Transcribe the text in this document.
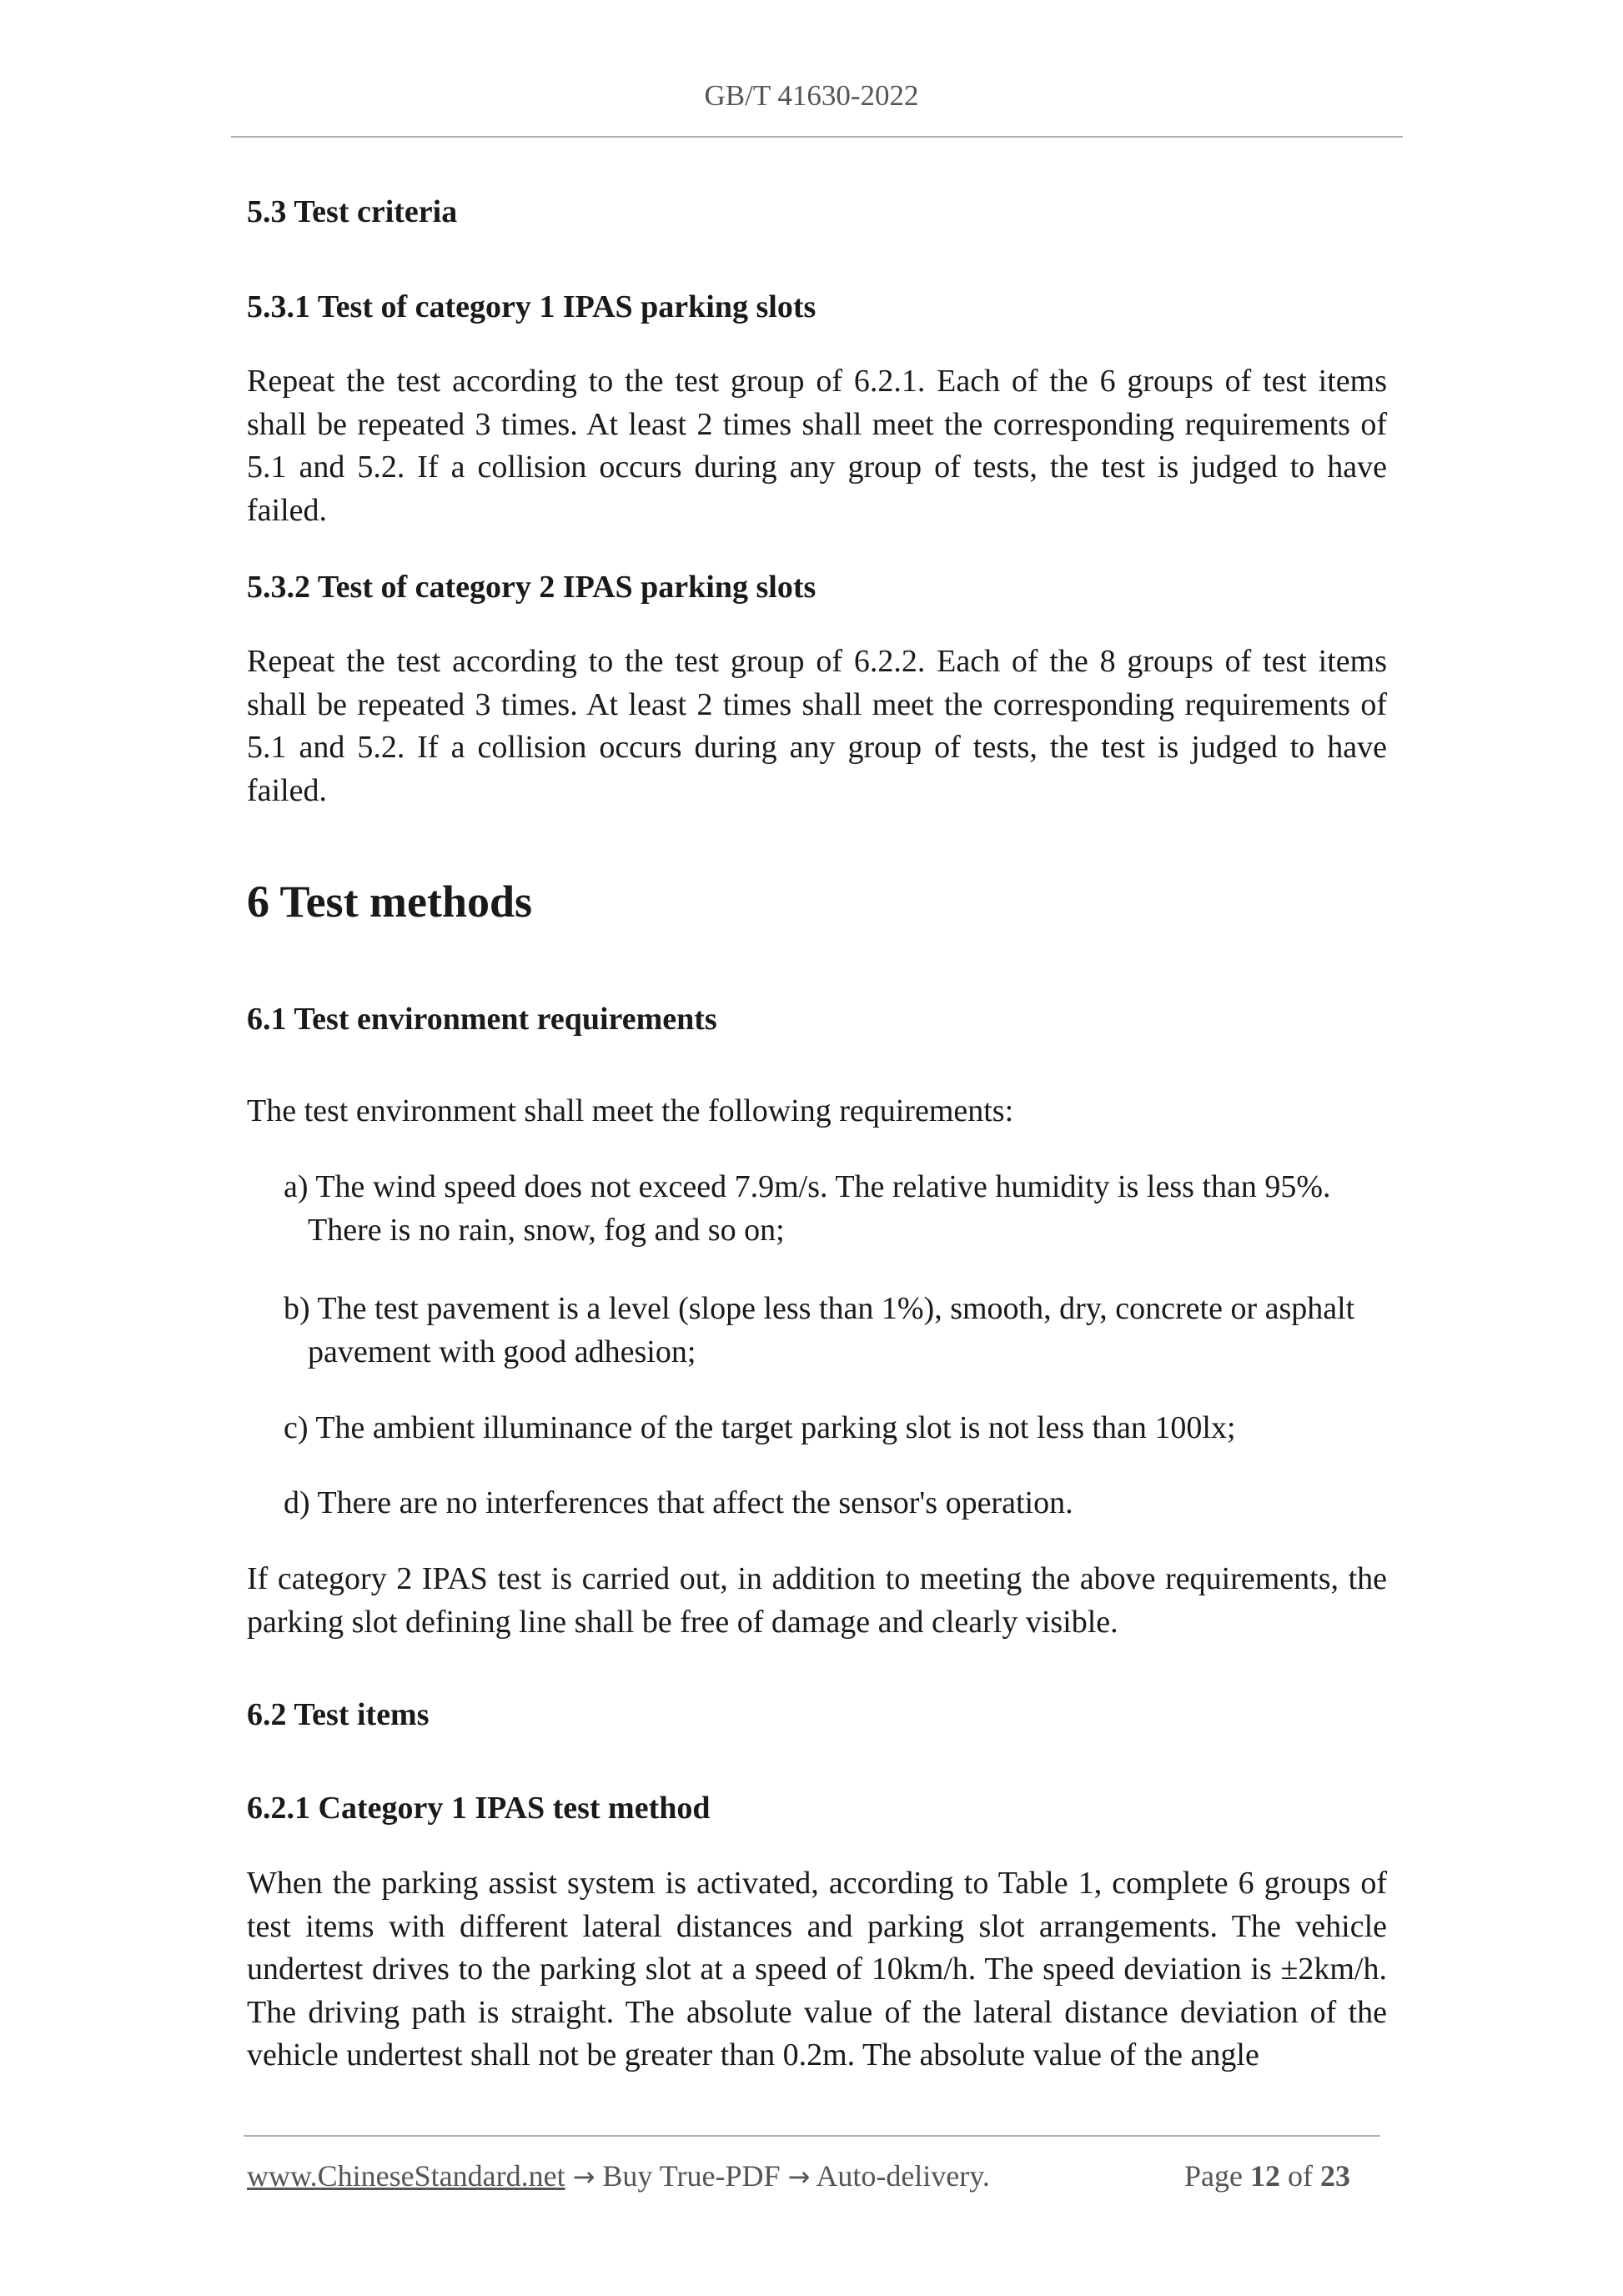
GB/T 41630-2022
5.3 Test criteria
5.3.1 Test of category 1 IPAS parking slots
Repeat the test according to the test group of 6.2.1. Each of the 6 groups of test items shall be repeated 3 times. At least 2 times shall meet the corresponding requirements of 5.1 and 5.2. If a collision occurs during any group of tests, the test is judged to have failed.
5.3.2 Test of category 2 IPAS parking slots
Repeat the test according to the test group of 6.2.2. Each of the 8 groups of test items shall be repeated 3 times. At least 2 times shall meet the corresponding requirements of 5.1 and 5.2. If a collision occurs during any group of tests, the test is judged to have failed.
6 Test methods
6.1 Test environment requirements
The test environment shall meet the following requirements:
a) The wind speed does not exceed 7.9m/s. The relative humidity is less than 95%. There is no rain, snow, fog and so on;
b) The test pavement is a level (slope less than 1%), smooth, dry, concrete or asphalt pavement with good adhesion;
c) The ambient illuminance of the target parking slot is not less than 100lx;
d) There are no interferences that affect the sensor's operation.
If category 2 IPAS test is carried out, in addition to meeting the above requirements, the parking slot defining line shall be free of damage and clearly visible.
6.2 Test items
6.2.1 Category 1 IPAS test method
When the parking assist system is activated, according to Table 1, complete 6 groups of test items with different lateral distances and parking slot arrangements. The vehicle undertest drives to the parking slot at a speed of 10km/h. The speed deviation is ±2km/h. The driving path is straight. The absolute value of the lateral distance deviation of the vehicle undertest shall not be greater than 0.2m. The absolute value of the angle
www.ChineseStandard.net → Buy True-PDF → Auto-delivery.	Page 12 of 23
